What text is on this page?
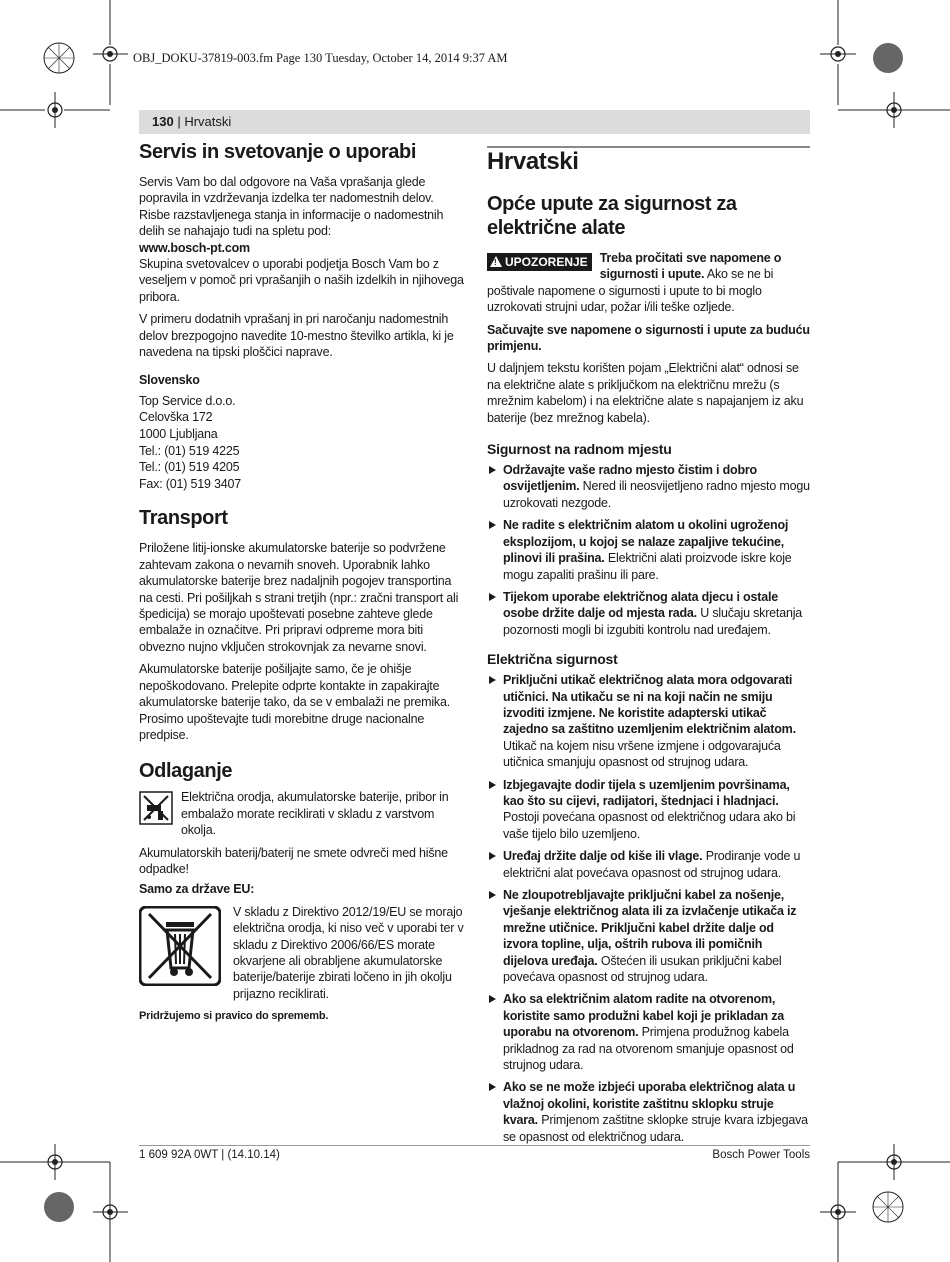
OBJ_DOKU-37819-003.fm Page 130 Tuesday, October 14, 2014 9:37 AM
130 | Hrvatski
Servis in svetovanje o uporabi

Servis Vam bo dal odgovore na Vaša vprašanja glede popravila in vzdrževanja izdelka ter nadomestnih delov. Risbe razstavljenega stanja in informacije o nadomestnih delih se nahajajo tudi na spletu pod:

www.bosch-pt.com

Skupina svetovalcev o uporabi podjetja Bosch Vam bo z veseljem v pomoč pri vprašanjih o naših izdelkih in njihovega pribora.

V primeru dodatnih vprašanj in pri naročanju nadomestnih delov brezpogojno navedite 10-mestno številko artikla, ki je navedena na tipski ploščici naprave.

Slovensko

Top Service d.o.o.
Celovška 172
1000 Ljubljana
Tel.: (01) 519 4225
Tel.: (01) 519 4205
Fax: (01) 519 3407
Transport

Priložene litij-ionske akumulatorske baterije so podvržene zahtevam zakona o nevarnih snoveh. Uporabnik lahko akumulatorske baterije brez nadaljnih pogojev transportina na cesti. Pri pošiljkah s strani tretjih (npr.: zračni transport ali špedicija) se morajo upoštevati posebne zahteve glede embalaže in označitve. Pri pripravi odpreme mora biti obvezno nujno vključen strokovnjak za nevarne snovi.

Akumulatorske baterije pošiljajte samo, če je ohišje nepoškodovano. Prelepite odprte kontakte in zapakirajte akumulatorske baterije tako, da se v embalaži ne premika.

Prosimo upoštevajte tudi morebitne druge nacionalne predpise.

Odlaganje

Električna orodja, akumulatorske baterije, pribor in embalažo morate reciklirati v skladu z varstvom okolja.

Akumulatorskih baterij/baterij ne smete odvreči med hišne odpadke!

Samo za države EU:

V skladu z Direktivo 2012/19/EU se morajo električna orodja, ki niso več v uporabi ter v skladu z Direktivo 2006/66/ES morate okvarjene ali obrabljene akumulatorske baterije/baterije zbirati ločeno in jih okolju prijazno reciklirati.

Pridržujemo si pravico do sprememb.

Hrvatski
Opće upute za sigurnost za električne alate

! UPOZORENJE Treba pročitati sve napomene o sigurnosti i upute. Ako se ne bi poštivale napomene o sigurnosti i upute to bi moglo uzrokovati strujni udar, požar i/ili teške ozljede.

Sačuvajte sve napomene o sigurnosti i upute za buduću primjenu.

U daljnjem tekstu korišten pojam „Električni alat“ odnosi se na električne alate s priključkom na električnu mrežu (s mrežnim kabelom) i na električne alate s napajanjem iz aku baterije (bez mrežnog kabela).

Sigurnost na radnom mjestu
Održavajte vaše radno mjesto čistim i dobro osvijetljenim. Nered ili neosvijetljeno radno mjesto mogu uzrokovati nezgode.
Ne radite s električnim alatom u okolini ugroženoj eksplozijom, u kojoj se nalaze zapaljive tekućine, plinovi ili prašina. Električni alati proizvode iskre koje mogu zapaliti prašinu ili pare.
Tijekom uporabe električnog alata djecu i ostale osobe držite dalje od mjesta rada. U slučaju skretanja pozornosti mogli bi izgubiti kontrolu nad uređajem.
Električna sigurnost
Priključni utikač električnog alata mora odgovarati utičnici. Na utikaču se ni na koji način ne smiju izvoditi izmjene. Ne koristite adapterski utikač zajedno sa zaštitno uzemljenim električnim alatom. Utikač na kojem nisu vršene izmjene i odgovarajuća utičnica smanjuju opasnost od strujnog udara.
Izbjegavajte dodir tijela s uzemljenim površinama, kao što su cijevi, radijatori, štednjaci i hladnjaci. Postoji povećana opasnost od električnog udara ako bi vaše tijelo bilo uzemljeno.
Uređaj držite dalje od kiše ili vlage. Prodiranje vode u električni alat povećava opasnost od strujnog udara.
Ne zloupotrebljavajte priključni kabel za nošenje, vješanje električnog alata ili za izvlačenje utikača iz mrežne utičnice. Priključni kabel držite dalje od izvora topline, ulja, oštrih rubova ili pomičnih dijelova uređaja. Oštećen ili usukan priključni kabel povećava opasnost od strujnog udara.
Ako sa električnim alatom radite na otvorenom, koristite samo produžni kabel koji je prikladan za uporabu na otvorenom. Primjena produžnog kabela prikladnog za rad na otvorenom smanjuje opasnost od strujnog udara.
Ako se ne može izbjeći uporaba električnog alata u vlažnoj okolini, koristite zaštitnu sklopku struje kvara. Primjenom zaštitne sklopke struje kvara izbjegava se opasnost od električnog udara.
1 609 92A 0WT | (14.10.14)	Bosch Power Tools
